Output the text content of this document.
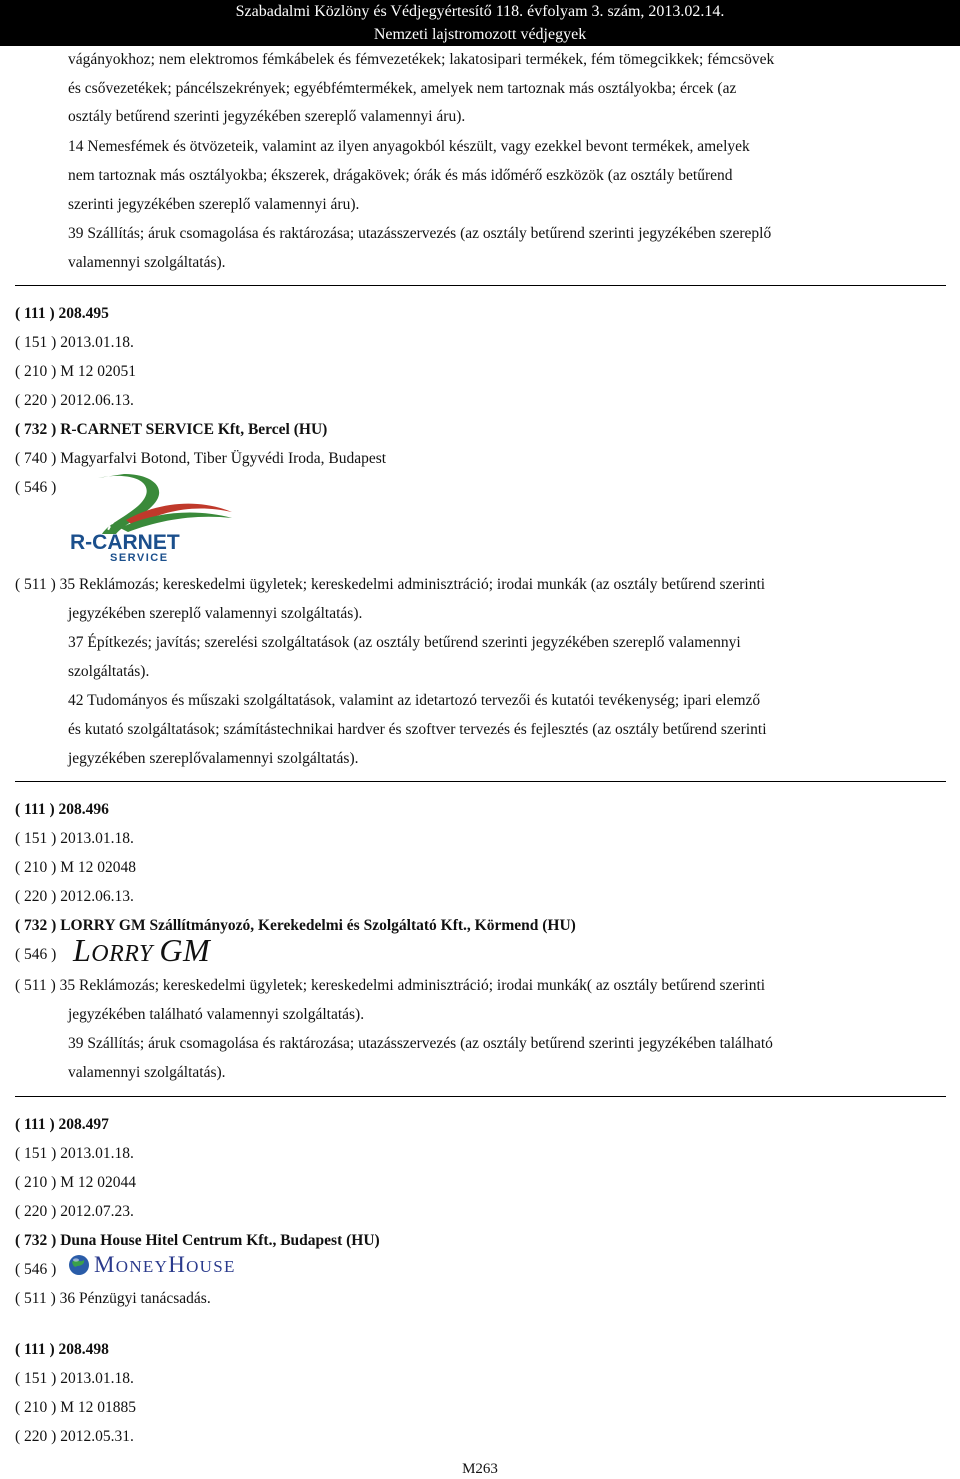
Szabadalmi Közlöny és Védjegyértesítő 118. évfolyam 3. szám, 2013.02.14.
Nemzeti lajstromozott védjegyek
vágányokhoz; nem elektromos fémkábelek és fémvezetékek; lakatosipari termékek, fém tömegcikkek; fémcsövek
és csővezetékek; páncélszekrények; egyébfémtermékek, amelyek nem tartoznak más osztályokba; ércek (az
osztály betűrend szerinti jegyzékében szereplő valamennyi áru).
14 Nemesfémek és ötvözeteik, valamint az ilyen anyagokból készült, vagy ezekkel bevont termékek, amelyek
nem tartoznak más osztályokba; ékszerek, drágakövek; órák és más időmérő eszközök (az osztály betűrend
szerinti jegyzékében szereplő valamennyi áru).
39 Szállítás; áruk csomagolása és raktározása; utazásszervezés (az osztály betűrend szerinti jegyzékében szereplő
valamennyi szolgáltatás).
( 111 ) 208.495
( 151 ) 2013.01.18.
( 210 ) M 12 02051
( 220 ) 2012.06.13.
( 732 ) R-CARNET SERVICE Kft, Bercel (HU)
( 740 ) Magyarfalvi Botond, Tiber Ügyvédi Iroda, Budapest
( 546 )
R-CARNET
SERVICE
( 511 ) 35 Reklámozás; kereskedelmi ügyletek; kereskedelmi adminisztráció; irodai munkák (az osztály betűrend szerinti
jegyzékében szereplő valamennyi szolgáltatás).
37 Építkezés; javítás; szerelési szolgáltatások (az osztály betűrend szerinti jegyzékében szereplő valamennyi
szolgáltatás).
42 Tudományos és műszaki szolgáltatások, valamint az idetartozó tervezői és kutatói tevékenység; ipari elemző
és kutató szolgáltatások; számítástechnikai hardver és szoftver tervezés és fejlesztés (az osztály betűrend szerinti
jegyzékében szereplővalamennyi szolgáltatás).
( 111 ) 208.496
( 151 ) 2013.01.18.
( 210 ) M 12 02048
( 220 ) 2012.06.13.
( 732 ) LORRY GM Szállítmányozó, Kerekedelmi és Szolgáltató Kft., Körmend (HU)
( 546 ) LORRY GM
( 511 ) 35 Reklámozás; kereskedelmi ügyletek; kereskedelmi adminisztráció; irodai munkák( az osztály betűrend szerinti
jegyzékében található valamennyi szolgáltatás).
39 Szállítás; áruk csomagolása és raktározása; utazásszervezés (az osztály betűrend szerinti jegyzékében található
valamennyi szolgáltatás).
( 111 ) 208.497
( 151 ) 2013.01.18.
( 210 ) M 12 02044
( 220 ) 2012.07.23.
( 732 ) Duna House Hitel Centrum Kft., Budapest (HU)
( 546 ) MONEYHOUSE
( 511 ) 36 Pénzügyi tanácsadás.
( 111 ) 208.498
( 151 ) 2013.01.18.
( 210 ) M 12 01885
( 220 ) 2012.05.31.
M263
